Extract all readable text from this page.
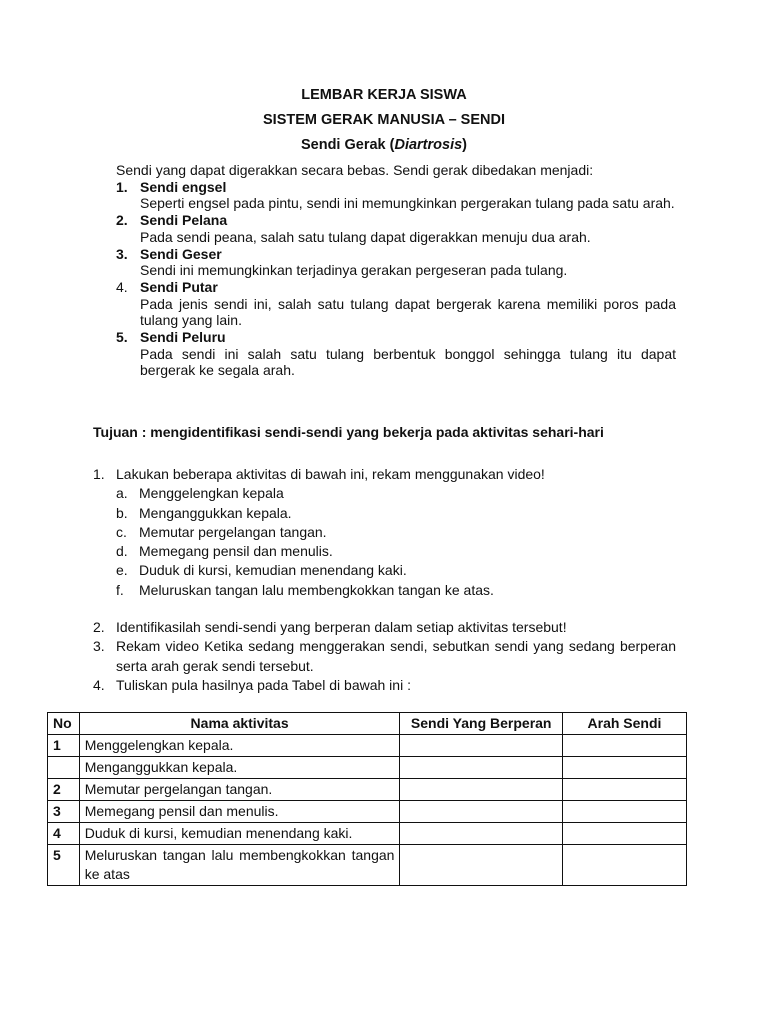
LEMBAR KERJA SISWA
SISTEM GERAK MANUSIA – SENDI
Sendi Gerak (Diartrosis)
Sendi yang dapat digerakkan secara bebas. Sendi gerak dibedakan menjadi:
1. Sendi engsel
Seperti engsel pada pintu, sendi ini memungkinkan pergerakan tulang pada satu arah.
2. Sendi Pelana
Pada sendi peana, salah satu tulang dapat digerakkan menuju dua arah.
3. Sendi Geser
Sendi ini memungkinkan terjadinya gerakan pergeseran pada tulang.
4. Sendi Putar
Pada jenis sendi ini, salah satu tulang dapat bergerak karena memiliki poros pada tulang yang lain.
5. Sendi Peluru
Pada sendi ini salah satu tulang berbentuk bonggol sehingga tulang itu dapat bergerak ke segala arah.
Tujuan : mengidentifikasi sendi-sendi yang bekerja pada aktivitas sehari-hari
1. Lakukan beberapa aktivitas di bawah ini, rekam menggunakan video!
a. Menggelengkan kepala
b. Menganggukkan kepala.
c. Memutar pergelangan tangan.
d. Memegang pensil dan menulis.
e. Duduk di kursi, kemudian menendang kaki.
f. Meluruskan tangan lalu membengkokkan tangan ke atas.
2. Identifikasilah sendi-sendi yang berperan dalam setiap aktivitas tersebut!
3. Rekam video Ketika sedang menggerakan sendi, sebutkan sendi yang sedang berperan serta arah gerak sendi tersebut.
4. Tuliskan pula hasilnya pada Tabel di bawah ini :
No	Nama aktivitas	Sendi Yang Berperan	Arah Sendi
1	Menggelengkan kepala.		
	Menganggukkan kepala.		
2	Memutar pergelangan tangan.		
3	Memegang pensil dan menulis.		
4	Duduk di kursi, kemudian menendang kaki.		
5	Meluruskan tangan lalu membengkokkan tangan ke atas		
